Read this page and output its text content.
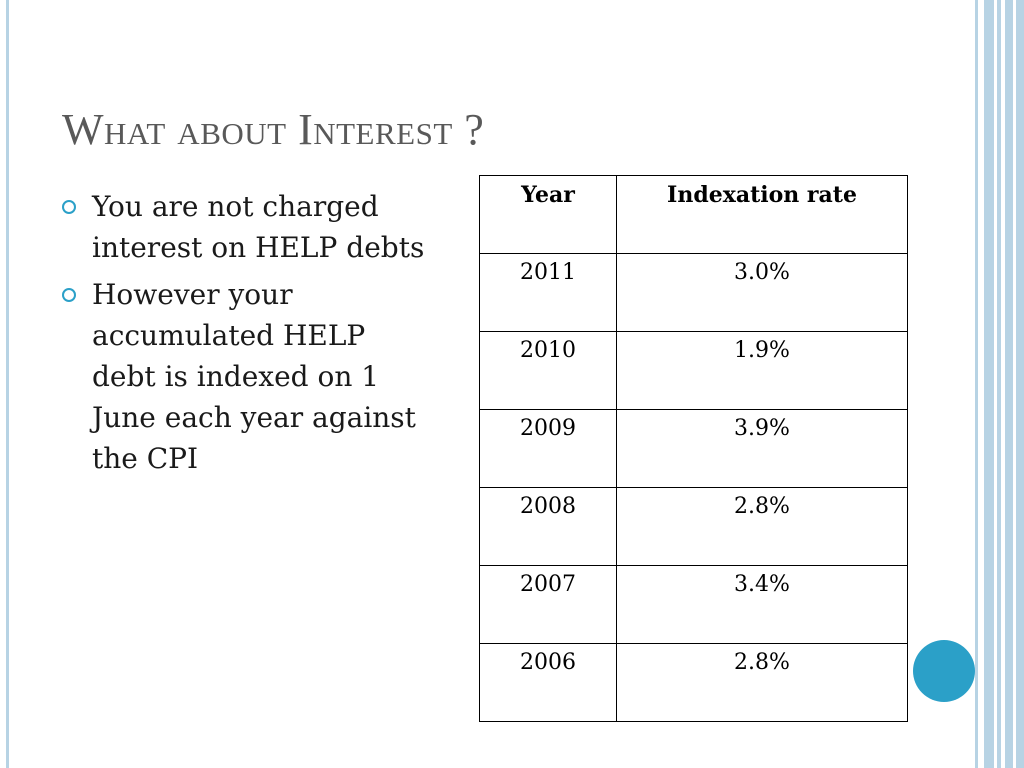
What about Interest ?
You are not charged interest on HELP debts
However your accumulated HELP debt is indexed on 1 June each year against the CPI
Year	Indexation rate
2011	3.0%
2010	1.9%
2009	3.9%
2008	2.8%
2007	3.4%
2006	2.8%
